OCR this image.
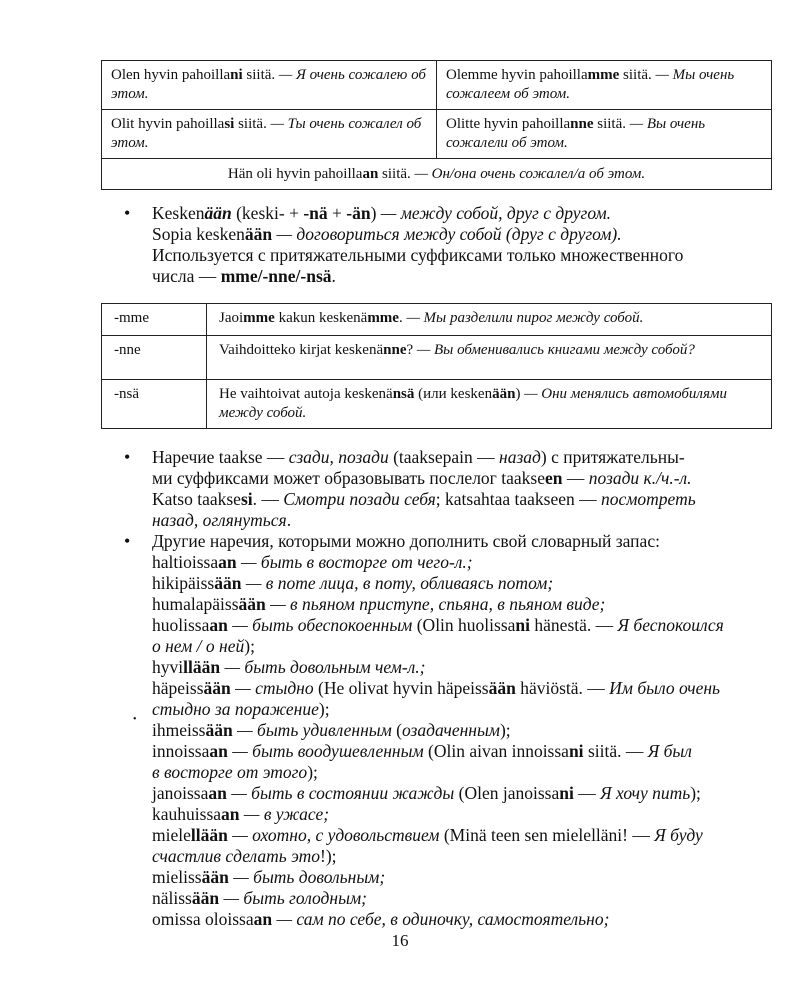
Olen hyvin pahoillani siitä. — Я очень сожалею об этом.	Olemme hyvin pahoillamme siitä. — Мы очень сожалеем об этом.
Olit hyvin pahoillasi siitä. — Ты очень сожалел об этом.	Olitte hyvin pahoillanne siitä. — Вы очень сожалели об этом.
Hän oli hyvin pahoillaan siitä. — Он/она очень сожалел/а об этом.	
• Keskenään (keski- + -nä + -än) — между собой, друг с другом.
Sopia keskenään — договориться между собой (друг с другом).
Используется с притяжательными суффиксами только множественного
числа — mme/-nne/-nsä.
-mme	Jaoimme kakun keskenämme. — Мы разделили пирог между собой.
-nne	Vaihdoitteko kirjat keskenänne? — Вы обменивались книгами между собой?
-nsä	He vaihtoivat autoja keskenänsä (или keskenään) — Они менялись автомобилями между собой.
• Наречие taakse — сзади, позади (taaksepain — назад) с притяжательны-
ми суффиксами может образовывать послелог taakseen — позади к./ч.-л.
Katso taaksesi. — Смотри позади себя; katsahtaa taakseen — посмотреть
назад, оглянуться.
• Другие наречия, которыми можно дополнить свой словарный запас:
haltioissaan — быть в восторге от чего-л.;
hikipäissään — в поте лица, в поту, обливаясь потом;
humalapäissään — в пьяном приступе, спьяна, в пьяном виде;
huolissaan — быть обеспокоенным (Olin huolissani hänestä. — Я беспокоился
о нем / о ней);
hyvillään — быть довольным чем-л.;
häpeissään — стыдно (He olivat hyvin häpeissään häviöstä. — Им было очень
стыдно за поражение);
ihmeissään — быть удивленным (озадаченным);
innoissaan — быть воодушевленным (Olin aivan innoissani siitä. — Я был
в восторге от этого);
janoissaan — быть в состоянии жажды (Olen janoissani — Я хочу пить);
kauhuissaan — в ужасе;
mielellään — охотно, с удовольствием (Minä teen sen mielelläni! — Я буду
счастлив сделать это!);
mielissään — быть довольным;
nälissään — быть голодным;
omissa oloissaan — сам по себе, в одиночку, самостоятельно;
•
16
